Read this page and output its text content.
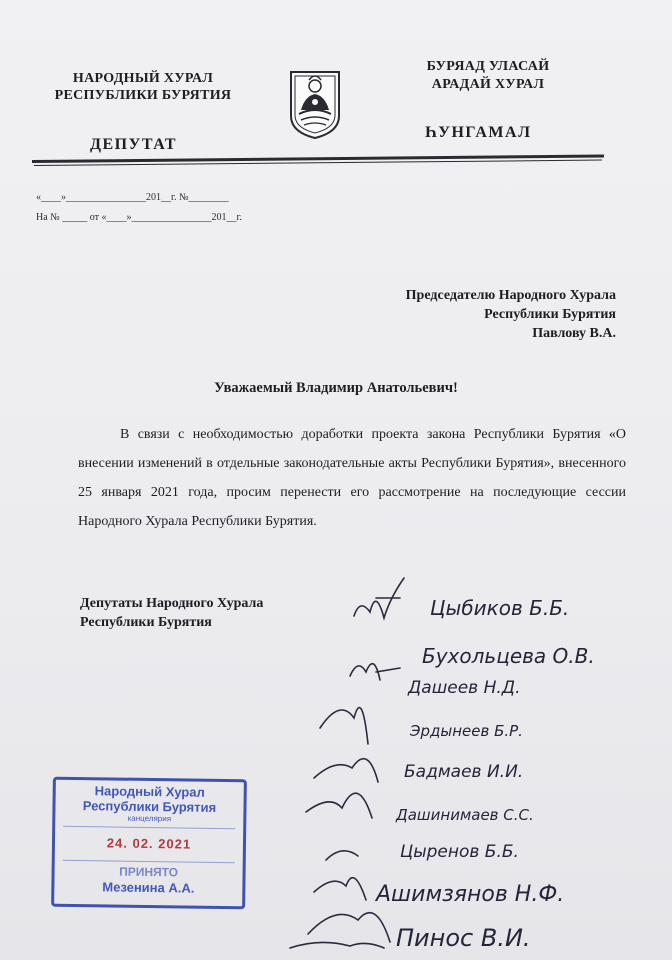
НАРОДНЫЙ ХУРАЛ
РЕСПУБЛИКИ БУРЯТИЯ
БУРЯАД УЛАСАЙ
АРАДАЙ ХУРАЛ
ДЕПУТАТ
ҺУНГАМАЛ
«____»________________201__г. №________
На № _____ от «____»________________201__г.
Председателю Народного Хурала
Республики Бурятия
Павлову В.А.
Уважаемый Владимир Анатольевич!
В связи с необходимостью доработки проекта закона Республики Бурятия «О внесении изменений в отдельные законодательные акты Республики Бурятия», внесенного 25 января 2021 года, просим перенести его рассмотрение на последующие сессии Народного Хурала Республики Бурятия.
Депутаты Народного Хурала
Республики Бурятия
Цыбиков Б.Б.
Бухольцева О.В.
Дашеев Н.Д.
Эрдынеев Б.Р.
Бадмаев И.И.
Дашинимаев С.С.
Цыренов Б.Б.
Ашимзянов Н.Ф.
Пинос В.И.
Народный Хурал
Республики Бурятия
канцелярия
24. 02. 2021
ПРИНЯТО
Мезенина А.А.
